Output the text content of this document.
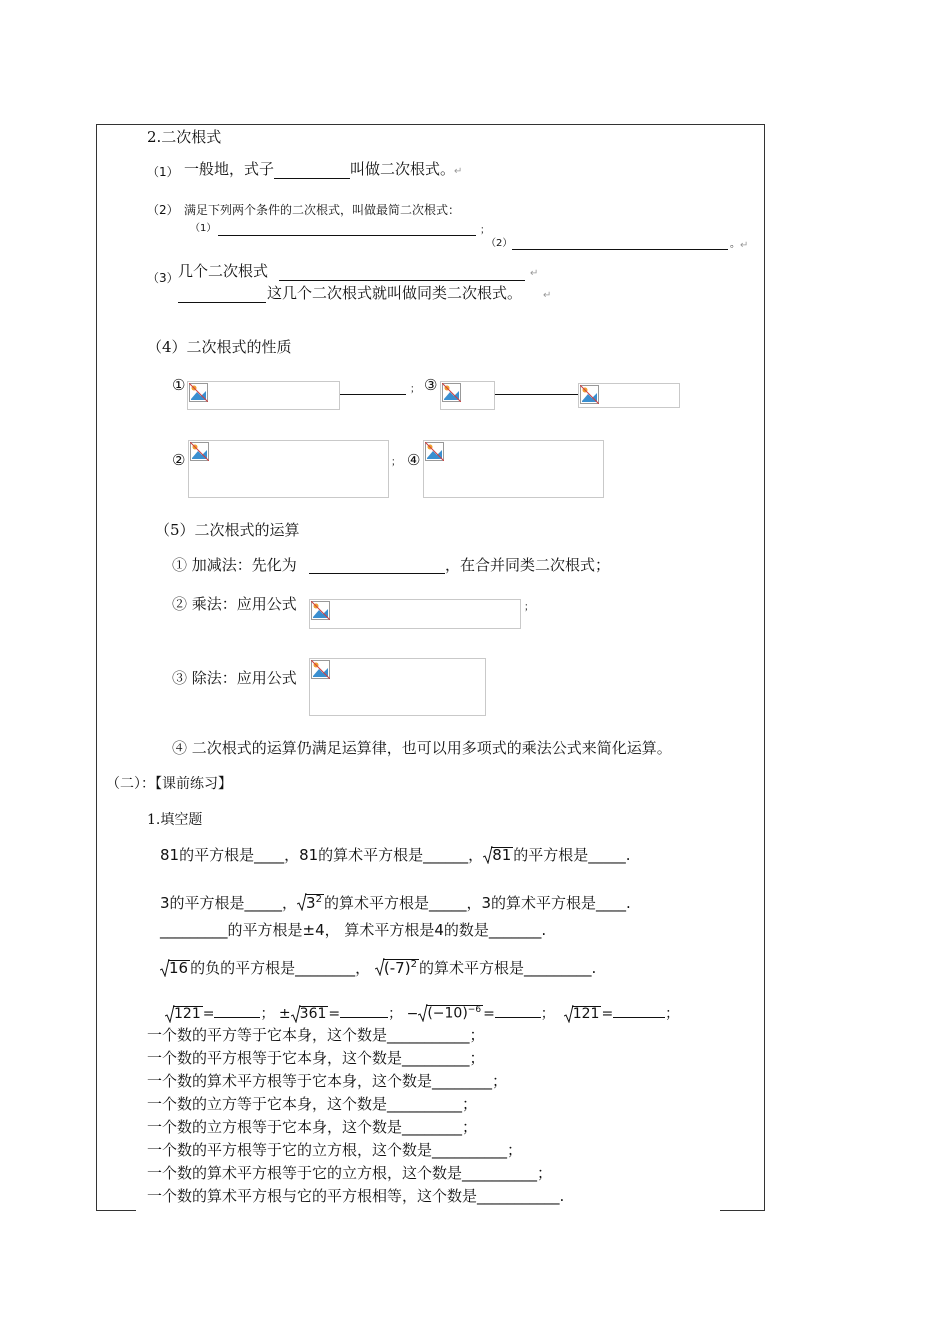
2.二次根式
（1） 一般地，式子	叫做二次根式。
↵
（2） 满足下列两个条件的二次根式，叫做最简二次根式：
（1）	；
（2）	。 ↵
（3） 几个二次根式	↵
这几个二次根式就叫做同类二次根式。 ↵
（4）二次根式的性质
①	； ③
②	； ④
（5）二次根式的运算
① 加减法：先化为	，在合并同类二次根式；
② 乘法：应用公式	；
③ 除法：应用公式
④ 二次根式的运算仍满足运算律，也可以用多项式的乘法公式来简化运算。
（二）：【课前练习】
1.填空题
81的平方根是____，81的算术平方根是______， 81 的平方根是_____.
3的平方根是_____， $3^2$ 的算术平方根是_____，3的算术平方根是____.
_________的平方根是±4， 算术平方根是4的数是_______.
16 的负的平方根是________， $(-7)^2$ 的算术平方根是_________.
121 =	； ± 361 =	； − $(-10)^{-6}$ =	； 121 =	；
一个数的平方等于它本身，这个数是___________；
一个数的平方根等于它本身，这个数是_________；
一个数的算术平方根等于它本身，这个数是________；
一个数的立方等于它本身，这个数是__________；
一个数的立方根等于它本身，这个数是________；
一个数的平方根等于它的立方根，这个数是__________；
一个数的算术平方根等于它的立方根，这个数是__________；
一个数的算术平方根与它的平方根相等，这个数是___________.
